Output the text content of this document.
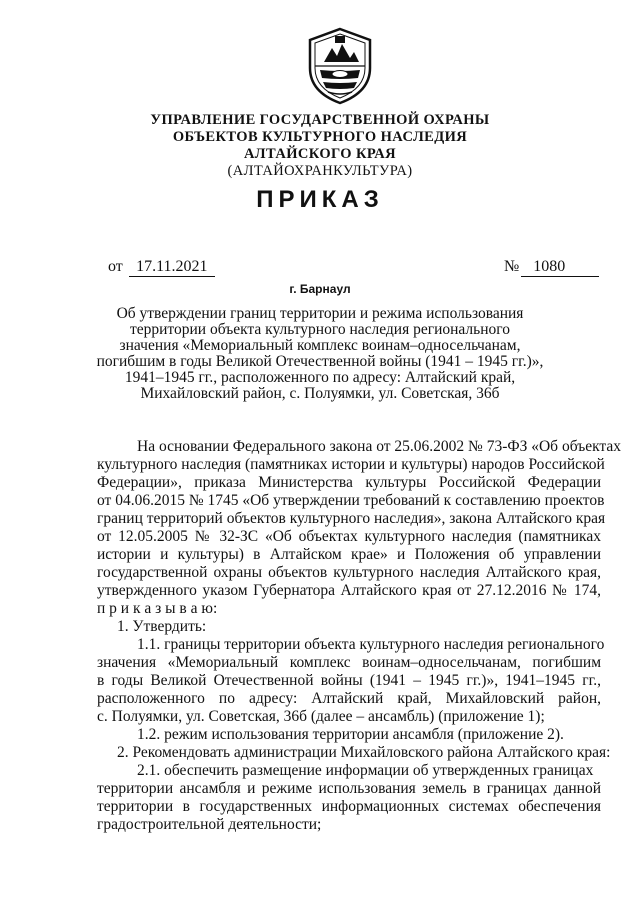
УПРАВЛЕНИЕ ГОСУДАРСТВЕННОЙ ОХРАНЫ
ОБЪЕКТОВ КУЛЬТУРНОГО НАСЛЕДИЯ
АЛТАЙСКОГО КРАЯ
(АЛТАЙОХРАНКУЛЬТУРА)
ПРИКАЗ
от 17.11.2021	№ 1080
г. Барнаул
Об утверждении границ территории и режима использования
территории объекта культурного наследия регионального
значения «Мемориальный комплекс воинам–односельчанам,
погибшим в годы Великой Отечественной войны (1941 – 1945 гг.)»,
1941–1945 гг., расположенного по адресу: Алтайский край,
Михайловский район, с. Полуямки, ул. Советская, 36б
На основании Федерального закона от 25.06.2002 № 73-ФЗ «Об объектах
культурного наследия (памятниках истории и культуры) народов Российской
Федерации», приказа Министерства культуры Российской Федерации
от 04.06.2015 № 1745 «Об утверждении требований к составлению проектов
границ территорий объектов культурного наследия», закона Алтайского края
от 12.05.2005 № 32-ЗС «Об объектах культурного наследия (памятниках
истории и культуры) в Алтайском крае» и Положения об управлении
государственной охраны объектов культурного наследия Алтайского края,
утвержденного указом Губернатора Алтайского края от 27.12.2016 № 174,
п р и к а з ы в а ю:
1. Утвердить:
1.1. границы территории объекта культурного наследия регионального
значения «Мемориальный комплекс воинам–односельчанам, погибшим
в годы Великой Отечественной войны (1941 – 1945 гг.)», 1941–1945 гг.,
расположенного по адресу: Алтайский край, Михайловский район,
с. Полуямки, ул. Советская, 36б (далее – ансамбль) (приложение 1);
1.2. режим использования территории ансамбля (приложение 2).
2. Рекомендовать администрации Михайловского района Алтайского края:
2.1. обеспечить размещение информации об утвержденных границах
территории ансамбля и режиме использования земель в границах данной
территории в государственных информационных системах обеспечения
градостроительной деятельности;
